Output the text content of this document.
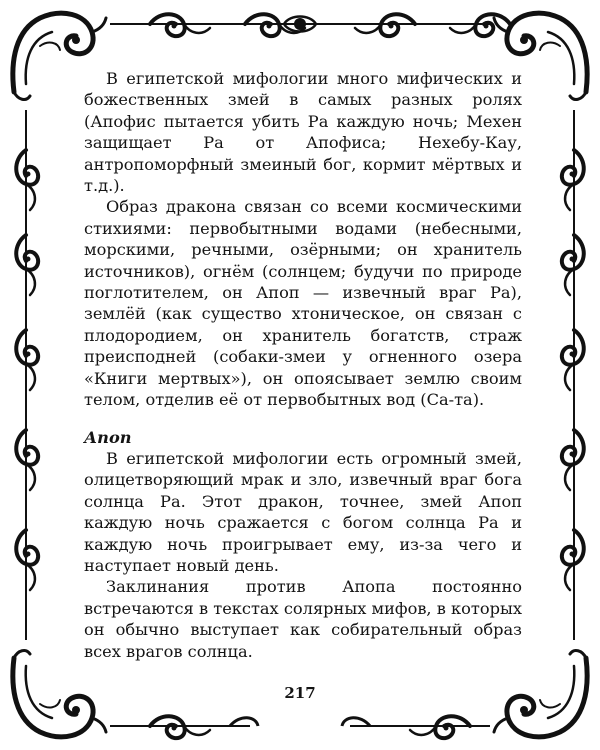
В египетской мифологии много мифических и божественных змей в самых разных ролях (Апофис пытается убить Ра каждую ночь; Мехен защищает Ра от Апофиса; Нехебу-Кау, антропоморфный змеиный бог, кормит мёртвых и т.д.).

Образ дракона связан со всеми космическими стихиями: первобытными водами (небесными, морскими, речными, озёрными; он хранитель источников), огнём (солнцем; будучи по природе поглотителем, он Апоп — извечный враг Ра), землёй (как существо хтоническое, он связан с плодородием, он хранитель богатств, страж преисподней (собаки-змеи у огненного озера «Книги мертвых»), он опоясывает землю своим телом, отделив её от первобытных вод (Са-та).

Апоп

В египетской мифологии есть огромный змей, олицетворяющий мрак и зло, извечный враг бога солнца Ра. Этот дракон, точнее, змей Апоп каждую ночь сражается с богом солнца Ра и каждую ночь проигрывает ему, из-за чего и наступает новый день.

Заклинания против Апопа постоянно встречаются в текстах солярных мифов, в которых он обычно выступает как собирательный образ всех врагов солнца.

217
